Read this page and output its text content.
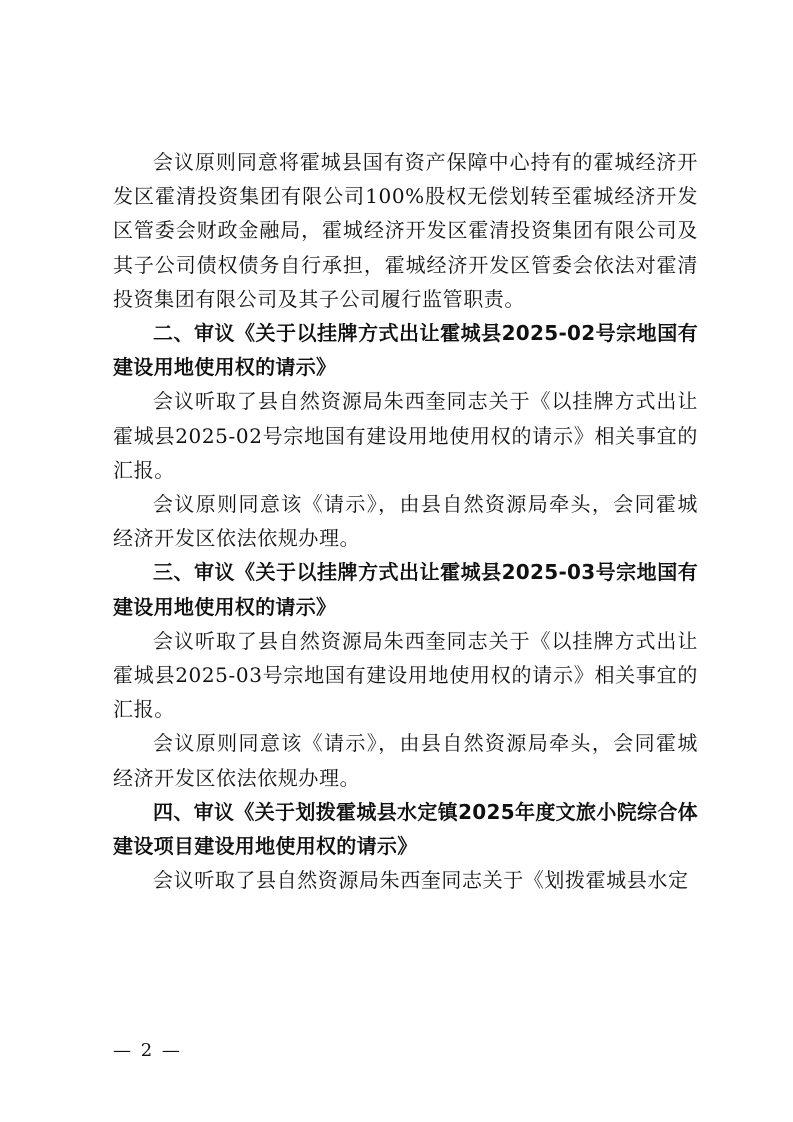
会议原则同意将霍城县国有资产保障中心持有的霍城经济开发区霍清投资集团有限公司100%股权无偿划转至霍城经济开发区管委会财政金融局，霍城经济开发区霍清投资集团有限公司及其子公司债权债务自行承担，霍城经济开发区管委会依法对霍清投资集团有限公司及其子公司履行监管职责。

二、审议《关于以挂牌方式出让霍城县2025-02号宗地国有建设用地使用权的请示》

会议听取了县自然资源局朱西奎同志关于《以挂牌方式出让霍城县2025-02号宗地国有建设用地使用权的请示》相关事宜的汇报。

会议原则同意该《请示》，由县自然资源局牵头，会同霍城经济开发区依法依规办理。

三、审议《关于以挂牌方式出让霍城县2025-03号宗地国有建设用地使用权的请示》

会议听取了县自然资源局朱西奎同志关于《以挂牌方式出让霍城县2025-03号宗地国有建设用地使用权的请示》相关事宜的汇报。

会议原则同意该《请示》，由县自然资源局牵头，会同霍城经济开发区依法依规办理。

四、审议《关于划拨霍城县水定镇2025年度文旅小院综合体建设项目建设用地使用权的请示》

会议听取了县自然资源局朱西奎同志关于《划拨霍城县水定

— 2 —
